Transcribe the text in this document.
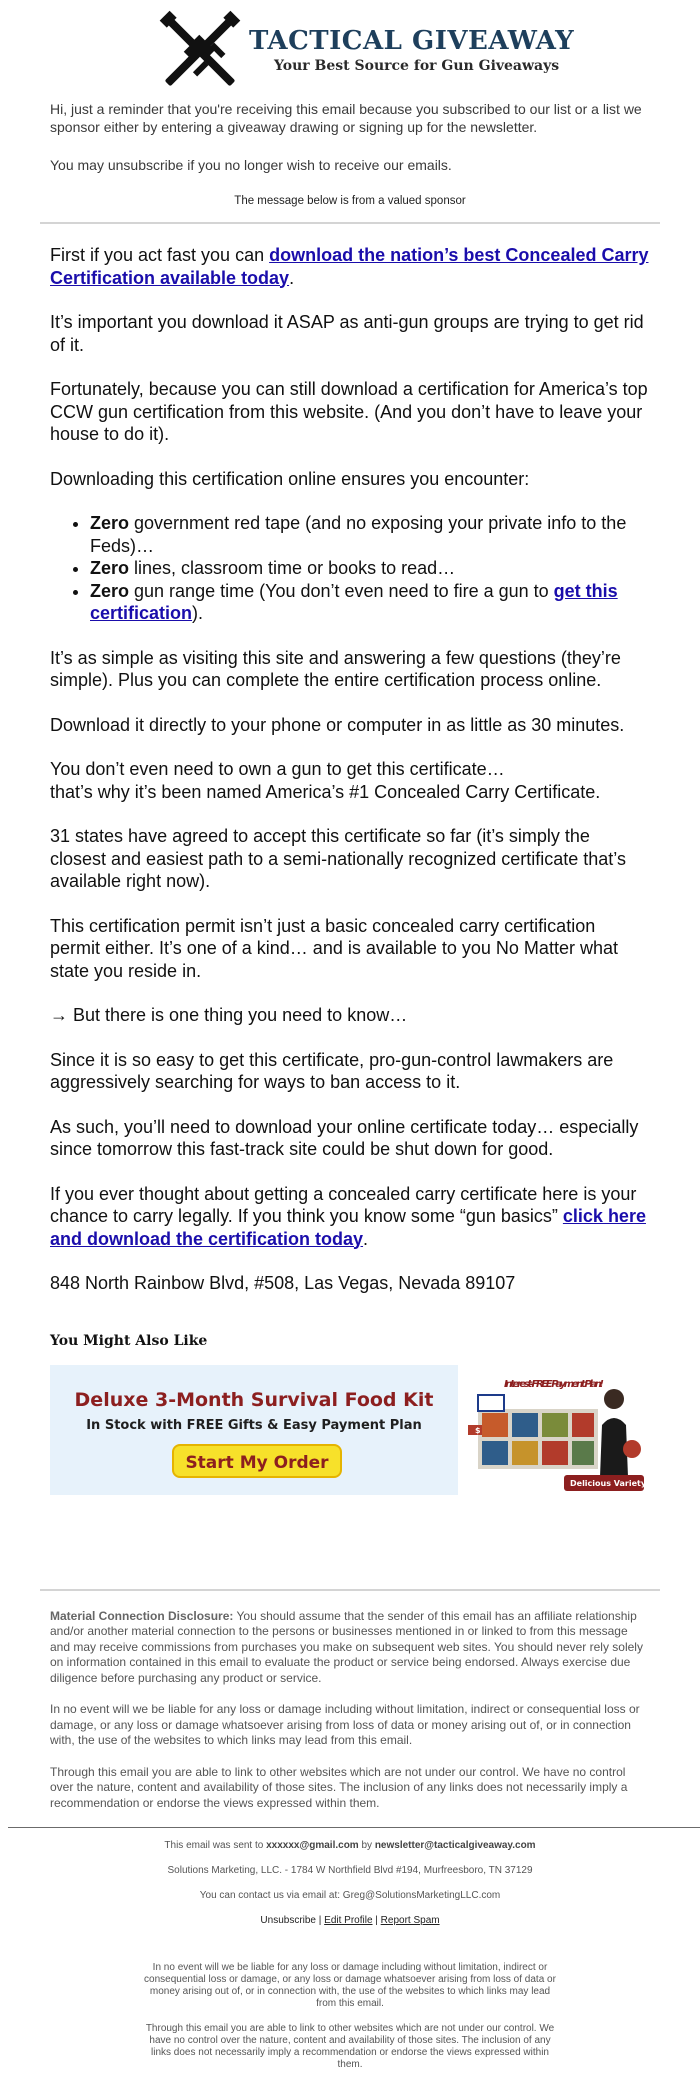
TACTICAL GIVEAWAY
Your Best Source for Gun Giveaways

Hi, just a reminder that you're receiving this email because you subscribed to our list or a list we sponsor either by entering a giveaway drawing or signing up for the newsletter.

You may unsubscribe if you no longer wish to receive our emails.

The message below is from a valued sponsor

First if you act fast you can download the nation’s best Concealed Carry Certification available today.

It’s important you download it ASAP as anti-gun groups are trying to get rid of it.

Fortunately, because you can still download a certification for America’s top CCW gun certification from this website. (And you don’t have to leave your house to do it).

Downloading this certification online ensures you encounter:

• Zero government red tape (and no exposing your private info to the Feds)…
• Zero lines, classroom time or books to read…
• Zero gun range time (You don’t even need to fire a gun to get this certification).

It’s as simple as visiting this site and answering a few questions (they’re simple). Plus you can complete the entire certification process online.

Download it directly to your phone or computer in as little as 30 minutes.

You don’t even need to own a gun to get this certificate…
that’s why it’s been named America’s #1 Concealed Carry Certificate.

31 states have agreed to accept this certificate so far (it’s simply the closest and easiest path to a semi-nationally recognized certificate that’s available right now).

This certification permit isn’t just a basic concealed carry certification permit either. It’s one of a kind… and is available to you No Matter what state you reside in.

→ But there is one thing you need to know…

Since it is so easy to get this certificate, pro-gun-control lawmakers are aggressively searching for ways to ban access to it.

As such, you’ll need to download your online certificate today… especially since tomorrow this fast-track site could be shut down for good.

If you ever thought about getting a concealed carry certificate here is your chance to carry legally. If you think you know some “gun basics” click here and download the certification today.

848 North Rainbow Blvd, #508, Las Vegas, Nevada 89107

You Might Also Like
Deluxe 3-Month Survival Food Kit
In Stock with FREE Gifts & Easy Payment Plan
Start My Order
$
Interest-FREE Payment Plan!
Delicious Variety!

Material Connection Disclosure: You should assume that the sender of this email has an affiliate relationship and/or another material connection to the persons or businesses mentioned in or linked to from this message and may receive commissions from purchases you make on subsequent web sites. You should never rely solely on information contained in this email to evaluate the product or service being endorsed. Always exercise due diligence before purchasing any product or service.

In no event will we be liable for any loss or damage including without limitation, indirect or consequential loss or damage, or any loss or damage whatsoever arising from loss of data or money arising out of, or in connection with, the use of the websites to which links may lead from this email.

Through this email you are able to link to other websites which are not under our control. We have no control over the nature, content and availability of those sites. The inclusion of any links does not necessarily imply a recommendation or endorse the views expressed within them.

This email was sent to xxxxxx@gmail.com by newsletter@tacticalgiveaway.com

Solutions Marketing, LLC. - 1784 W Northfield Blvd #194, Murfreesboro, TN 37129

You can contact us via email at: Greg@SolutionsMarketingLLC.com

Unsubscribe | Edit Profile | Report Spam

In no event will we be liable for any loss or damage including without limitation, indirect or consequential loss or damage, or any loss or damage whatsoever arising from loss of data or money arising out of, or in connection with, the use of the websites to which links may lead from this email.

Through this email you are able to link to other websites which are not under our control. We have no control over the nature, content and availability of those sites. The inclusion of any links does not necessarily imply a recommendation or endorse the views expressed within them.
